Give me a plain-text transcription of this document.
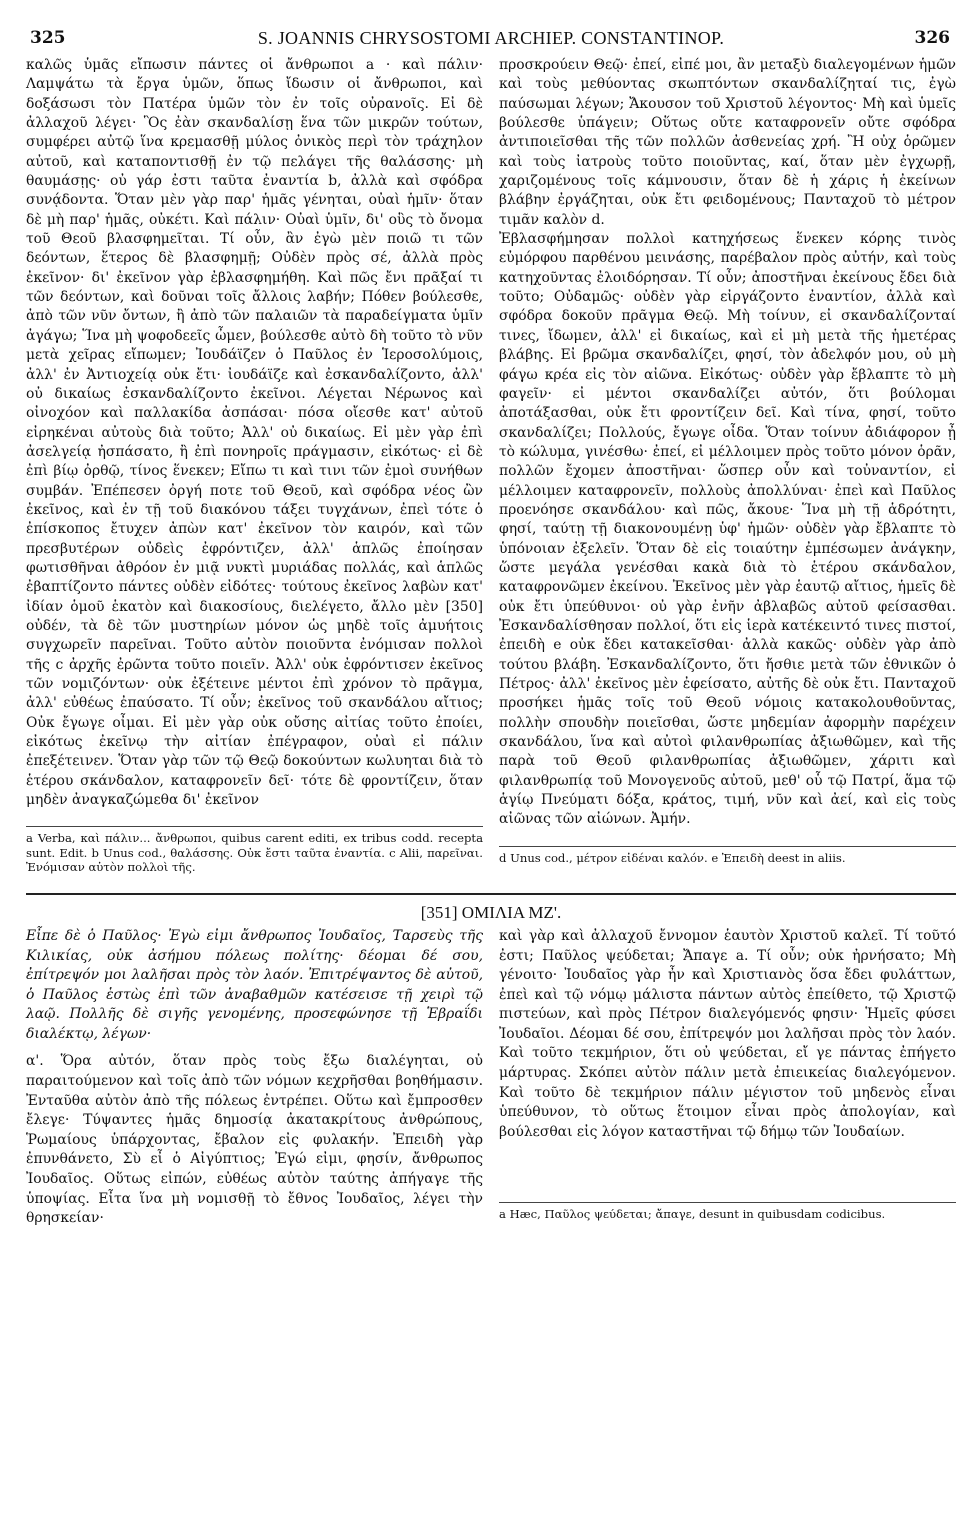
325	S. JOANNIS CHRYSOSTOMI ARCHIEP. CONSTANTINOP.	326
καλῶς ὑμᾶς εἴπωσιν πάντες οἱ ἄνθρωποι a · καὶ πάλιν· Λαμψάτω τὰ ἔργα ὑμῶν, ὅπως ἴδωσιν οἱ ἄνθρωποι, καὶ δοξάσωσι τὸν Πατέρα ὑμῶν τὸν ἐν τοῖς οὐρανοῖς. Εἰ δὲ ἀλλαχοῦ λέγει· Ὃς ἐὰν σκανδαλίσῃ ἕνα τῶν μικρῶν τούτων, συμφέρει αὐτῷ ἵνα κρεμασθῇ μύλος ὀνικὸς περὶ τὸν τράχηλον αὐτοῦ, καὶ καταποντισθῇ ἐν τῷ πελάγει τῆς θαλάσσης· μὴ θαυμάσῃς· οὐ γάρ ἐστι ταῦτα ἐναντία b, ἀλλὰ καὶ σφόδρα συνᾴδοντα. Ὅταν μὲν γὰρ παρ' ἡμᾶς γένηται, οὐαὶ ἡμῖν· ὅταν δὲ μὴ παρ' ἡμᾶς, οὐκέτι. Καὶ πάλιν· Οὐαὶ ὑμῖν, δι' οὓς τὸ ὄνομα τοῦ Θεοῦ βλασφημεῖται. Τί οὖν, ἂν ἐγὼ μὲν ποιῶ τι τῶν δεόντων, ἕτερος δὲ βλασφημῇ; Οὐδὲν πρὸς σέ, ἀλλὰ πρὸς ἐκεῖνον· δι' ἐκεῖνον γὰρ ἐβλασφημήθη. Καὶ πῶς ἔνι πρᾶξαί τι τῶν δεόντων, καὶ δοῦναι τοῖς ἄλλοις λαβήν; Πόθεν βούλεσθε, ἀπὸ τῶν νῦν ὄντων, ἢ ἀπὸ τῶν παλαιῶν τὰ παραδείγματα ὑμῖν ἀγάγω; Ἵνα μὴ ψοφοδεεῖς ὦμεν, βούλεσθε αὐτὸ δὴ τοῦτο τὸ νῦν μετὰ χεῖρας εἴπωμεν; Ἰουδάϊζεν ὁ Παῦλος ἐν Ἱεροσολύμοις, ἀλλ' ἐν Ἀντιοχείᾳ οὐκ ἔτι· ἰουδάϊζε καὶ ἐσκανδαλίζοντο, ἀλλ' οὐ δικαίως ἐσκανδαλίζοντο ἐκεῖνοι. Λέγεται Νέρωνος καὶ οἰνοχόον καὶ παλλακίδα ἀσπάσαι· πόσα οἴεσθε κατ' αὐτοῦ εἰρηκέναι αὐτοὺς διὰ τοῦτο; Ἀλλ' οὐ δικαίως. Εἰ μὲν γὰρ ἐπὶ ἀσελγείᾳ ἠσπάσατο, ἢ ἐπὶ πονηροῖς πράγμασιν, εἰκότως· εἰ δὲ ἐπὶ βίῳ ὀρθῷ, τίνος ἕνεκεν; Εἴπω τι καὶ τινι τῶν ἐμοὶ συνήθων συμβάν. Ἐπέπεσεν ὀργή ποτε τοῦ Θεοῦ, καὶ σφόδρα νέος ὢν ἐκεῖνος, καὶ ἐν τῇ τοῦ διακόνου τάξει τυγχάνων, ἐπεὶ τότε ὁ ἐπίσκοπος ἔτυχεν ἀπὼν κατ' ἐκεῖνον τὸν καιρόν, καὶ τῶν πρεσβυτέρων οὐδεὶς ἐφρόντιζεν, ἀλλ' ἁπλῶς ἐποίησαν φωτισθῆναι ἀθρόον ἐν μιᾷ νυκτὶ μυριάδας πολλάς, καὶ ἁπλῶς ἐβαπτίζοντο πάντες οὐδὲν εἰδότες· τούτους ἐκεῖνος λαβὼν κατ' ἰδίαν ὁμοῦ ἑκατὸν καὶ διακοσίους, διελέγετο, ἄλλο μὲν [350] οὐδέν, τὰ δὲ τῶν μυστηρίων μόνον ὡς μηδὲ τοῖς ἀμυήτοις συγχωρεῖν παρεῖναι. Τοῦτο αὐτὸν ποιοῦντα ἐνόμισαν πολλοὶ τῆς c ἀρχῆς ἐρῶντα τοῦτο ποιεῖν. Ἀλλ' οὐκ ἐφρόντισεν ἐκεῖνος τῶν νομιζόντων· οὐκ ἐξέτεινε μέντοι ἐπὶ χρόνον τὸ πρᾶγμα, ἀλλ' εὐθέως ἐπαύσατο. Τί οὖν; ἐκεῖνος τοῦ σκανδάλου αἴτιος; Οὐκ ἔγωγε οἶμαι. Εἰ μὲν γὰρ οὐκ οὔσης αἰτίας τοῦτο ἐποίει, εἰκότως ἐκεῖνῳ τὴν αἰτίαν ἐπέγραφον, οὐαὶ εἰ πάλιν ἐπεξέτεινεν. Ὅταν γὰρ τῶν τῷ Θεῷ δοκούντων κωλυηται διὰ τὸ ἑτέρου σκάνδαλον, καταφρονεῖν δεῖ· τότε δὲ φροντίζειν, ὅταν μηδὲν ἀναγκαζώμεθα δι' ἐκεῖνον
a Verba, καὶ πάλιν... ἄνθρωποι, quibus carent editi, ex tribus codd. recepta sunt. Edit. b Unus cod., θαλάσσης. Οὐκ ἔστι ταῦτα ἐναντία. c Alii, παρεῖναι. Ἐνόμισαν αὐτὸν πολλοὶ τῆς.
προσκρούειν Θεῷ· ἐπεί, εἰπέ μοι, ἂν μεταξὺ διαλεγομένων ἡμῶν καὶ τοὺς μεθύοντας σκωπτόντων σκανδαλίζηταί τις, ἐγὼ παύσωμαι λέγων; Ἄκουσον τοῦ Χριστοῦ λέγοντος· Μὴ καὶ ὑμεῖς βούλεσθε ὑπάγειν; Οὕτως οὔτε καταφρονεῖν οὔτε σφόδρα ἀντιποιεῖσθαι τῆς τῶν πολλῶν ἀσθενείας χρή. Ἢ οὐχ ὁρῶμεν καὶ τοὺς ἰατροὺς τοῦτο ποιοῦντας, καί, ὅταν μὲν ἐγχωρῇ, χαριζομένους τοῖς κάμνουσιν, ὅταν δὲ ἡ χάρις ἡ ἐκείνων βλάβην ἐργάζηται, οὐκ ἔτι φειδομένους; Πανταχοῦ τὸ μέτρον τιμᾶν καλὸν d.
Ἐβλασφήμησαν πολλοὶ κατηχήσεως ἕνεκεν κόρης τινὸς εὐμόρφου παρθένου μεινάσης, παρέβαλον πρὸς αὐτήν, καὶ τοὺς κατηχοῦντας ἐλοιδόρησαν. Τί οὖν; ἀποστῆναι ἐκείνους ἔδει διὰ τοῦτο; Οὐδαμῶς· οὐδὲν γὰρ εἰργάζοντο ἐναντίον, ἀλλὰ καὶ σφόδρα δοκοῦν πρᾶγμα Θεῷ. Μὴ τοίνυν, εἰ σκανδαλίζονταί τινες, ἴδωμεν, ἀλλ' εἰ δικαίως, καὶ εἰ μὴ μετὰ τῆς ἡμετέρας βλάβης. Εἰ βρῶμα σκανδαλίζει, φησί, τὸν ἀδελφόν μου, οὐ μὴ φάγω κρέα εἰς τὸν αἰῶνα. Εἰκότως· οὐδὲν γὰρ ἔβλαπτε τὸ μὴ φαγεῖν· εἰ μέντοι σκανδαλίζει αὐτόν, ὅτι βούλομαι ἀποτάξασθαι, οὐκ ἔτι φροντίζειν δεῖ. Καὶ τίνα, φησί, τοῦτο σκανδαλίζει; Πολλούς, ἔγωγε οἶδα. Ὅταν τοίνυν ἀδιάφορον ᾖ τὸ κώλυμα, γινέσθω· ἐπεί, εἰ μέλλοιμεν πρὸς τοῦτο μόνον ὁρᾶν, πολλῶν ἔχομεν ἀποστῆναι· ὥσπερ οὖν καὶ τοὐναντίον, εἰ μέλλοιμεν καταφρονεῖν, πολλοὺς ἀπολλύναι· ἐπεὶ καὶ Παῦλος προενόησε σκανδάλου· καὶ πῶς, ἄκουε· Ἵνα μὴ τῇ ἁδρότητι, φησί, ταύτῃ τῇ διακονουμένῃ ὑφ' ἡμῶν· οὐδὲν γὰρ ἔβλαπτε τὸ ὑπόνοιαν ἐξελεῖν. Ὅταν δὲ εἰς τοιαύτην ἐμπέσωμεν ἀνάγκην, ὥστε μεγάλα γενέσθαι κακὰ διὰ τὸ ἑτέρου σκάνδαλον, καταφρονῶμεν ἐκείνου. Ἐκεῖνος μὲν γὰρ ἑαυτῷ αἴτιος, ἡμεῖς δὲ οὐκ ἔτι ὑπεύθυνοι· οὐ γὰρ ἐνῆν ἀβλαβῶς αὐτοῦ φείσασθαι. Ἐσκανδαλίσθησαν πολλοί, ὅτι εἰς ἱερὰ κατέκειντό τινες πιστοί, ἐπειδὴ e οὐκ ἔδει κατακεῖσθαι· ἀλλὰ κακῶς· οὐδὲν γὰρ ἀπὸ τούτου βλάβη. Ἐσκανδαλίζοντο, ὅτι ἤσθιε μετὰ τῶν ἐθνικῶν ὁ Πέτρος· ἀλλ' ἐκεῖνος μὲν ἐφείσατο, αὐτῆς δὲ οὐκ ἔτι. Πανταχοῦ προσήκει ἡμᾶς τοῖς τοῦ Θεοῦ νόμοις κατακολουθοῦντας, πολλὴν σπουδὴν ποιεῖσθαι, ὥστε μηδεμίαν ἀφορμὴν παρέχειν σκανδάλου, ἵνα καὶ αὐτοὶ φιλανθρωπίας ἀξιωθῶμεν, καὶ τῆς παρὰ τοῦ Θεοῦ φιλανθρωπίας ἀξιωθῶμεν, χάριτι καὶ φιλανθρωπίᾳ τοῦ Μονογενοῦς αὐτοῦ, μεθ' οὗ τῷ Πατρί, ἅμα τῷ ἁγίῳ Πνεύματι δόξα, κράτος, τιμή, νῦν καὶ ἀεί, καὶ εἰς τοὺς αἰῶνας τῶν αἰώνων. Ἀμήν.
d Unus cod., μέτρον εἰδέναι καλόν. e Ἐπειδὴ deest in aliis.
[351] ΟΜΙΛΙΑ ΜΖ'.
Εἶπε δὲ ὁ Παῦλος· Ἐγὼ εἰμι ἄνθρωπος Ἰουδαῖος, Ταρσεὺς τῆς Κιλικίας, οὐκ ἀσήμου πόλεως πολίτης· δέομαι δέ σου, ἐπίτρεψόν μοι λαλῆσαι πρὸς τὸν λαόν. Ἐπιτρέψαντος δὲ αὐτοῦ, ὁ Παῦλος ἑστὼς ἐπὶ τῶν ἀναβαθμῶν κατέσεισε τῇ χειρὶ τῷ λαῷ. Πολλῆς δὲ σιγῆς γενομένης, προσεφώνησε τῇ Ἑβραΐδι διαλέκτῳ, λέγων·
α'. Ὅρα αὐτόν, ὅταν πρὸς τοὺς ἔξω διαλέγηται, οὐ παραιτούμενον καὶ τοῖς ἀπὸ τῶν νόμων κεχρῆσθαι βοηθήμασιν. Ἐνταῦθα αὐτὸν ἀπὸ τῆς πόλεως ἐντρέπει. Οὕτω καὶ ἔμπροσθεν ἔλεγε· Τύψαντες ἡμᾶς δημοσίᾳ ἀκατακρίτους ἀνθρώπους, Ῥωμαίους ὑπάρχοντας, ἔβαλον εἰς φυλακήν. Ἐπειδὴ γὰρ ἐπυνθάνετο, Σὺ εἶ ὁ Αἰγύπτιος; Ἐγώ εἰμι, φησίν, ἄνθρωπος Ἰουδαῖος. Οὕτως εἰπών, εὐθέως αὐτὸν ταύτης ἀπήγαγε τῆς ὑποψίας. Εἶτα ἵνα μὴ νομισθῇ τὸ ἔθνος Ἰουδαῖος, λέγει τὴν θρησκείαν·
καὶ γὰρ καὶ ἀλλαχοῦ ἔννομον ἑαυτὸν Χριστοῦ καλεῖ. Τί τοῦτό ἐστι; Παῦλος ψεύδεται; Ἄπαγε a. Τί οὖν; οὐκ ἠρνήσατο; Μὴ γένοιτο· Ἰουδαῖος γὰρ ἦν καὶ Χριστιανὸς ὅσα ἔδει φυλάττων, ἐπεὶ καὶ τῷ νόμῳ μάλιστα πάντων αὐτὸς ἐπείθετο, τῷ Χριστῷ πιστεύων, καὶ πρὸς Πέτρον διαλεγόμενός φησιν· Ἡμεῖς φύσει Ἰουδαῖοι. Δέομαι δέ σου, ἐπίτρεψόν μοι λαλῆσαι πρὸς τὸν λαόν. Καὶ τοῦτο τεκμήριον, ὅτι οὐ ψεύδεται, εἴ γε πάντας ἐπήγετο μάρτυρας. Σκόπει αὐτὸν πάλιν μετὰ ἐπιεικείας διαλεγόμενον. Καὶ τοῦτο δὲ τεκμήριον πάλιν μέγιστον τοῦ μηδενὸς εἶναι ὑπεύθυνον, τὸ οὕτως ἕτοιμον εἶναι πρὸς ἀπολογίαν, καὶ βούλεσθαι εἰς λόγον καταστῆναι τῷ δήμῳ τῶν Ἰουδαίων.
a Hæc, Παῦλος ψεύδεται; ἄπαγε, desunt in quibusdam codicibus.
